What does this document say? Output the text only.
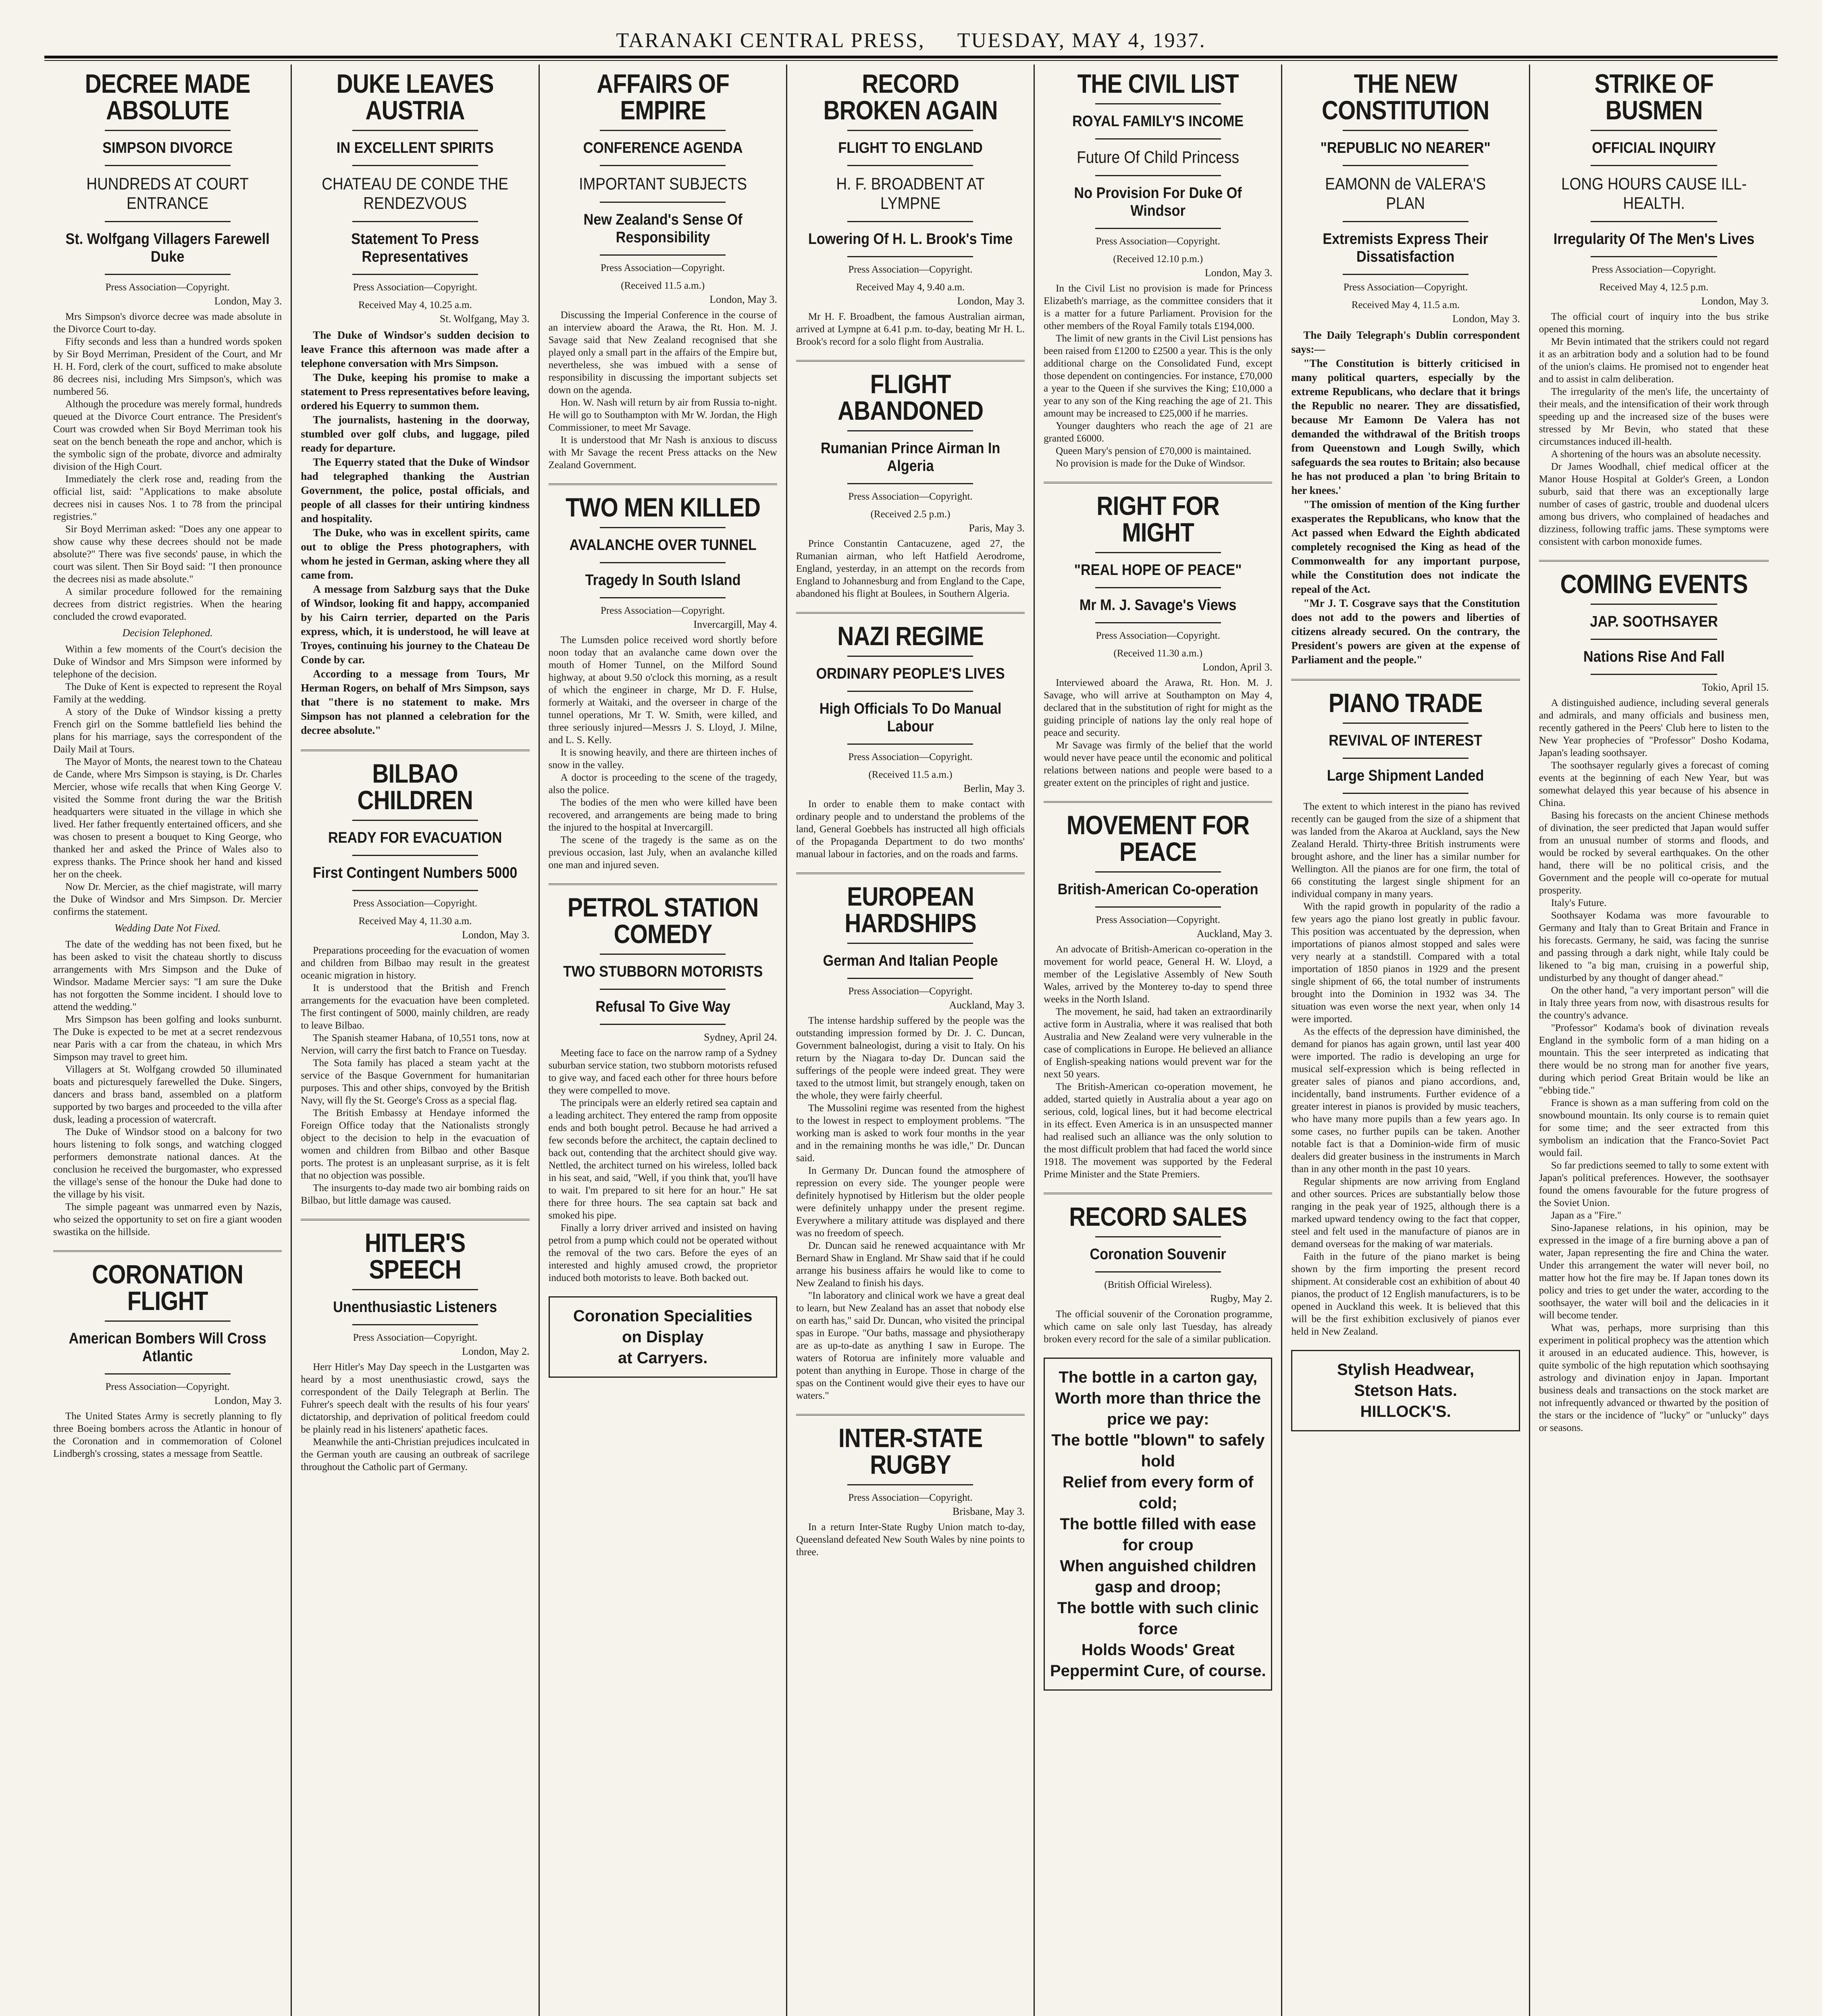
TARANAKI CENTRAL PRESS, TUESDAY, MAY 4, 1937.
DECREE MADE ABSOLUTE
SIMPSON DIVORCE
HUNDREDS AT COURT ENTRANCE
St. Wolfgang Villagers Farewell Duke
Press Association—Copyright.
London, May 3.

Mrs Simpson's divorce decree was made absolute in the Divorce Court to-day.

Fifty seconds and less than a hundred words spoken by Sir Boyd Merriman, President of the Court, and Mr H. H. Ford, clerk of the court, sufficed to make absolute 86 decrees nisi, including Mrs Simpson's, which was numbered 56.

Although the procedure was merely formal, hundreds queued at the Divorce Court entrance. The President's Court was crowded when Sir Boyd Merriman took his seat on the bench beneath the rope and anchor, which is the symbolic sign of the probate, divorce and admiralty division of the High Court.

Immediately the clerk rose and, reading from the official list, said: "Applications to make absolute decrees nisi in causes Nos. 1 to 78 from the principal registries."

Sir Boyd Merriman asked: "Does any one appear to show cause why these decrees should not be made absolute?" There was five seconds' pause, in which the court was silent. Then Sir Boyd said: "I then pronounce the decrees nisi as made absolute."

A similar procedure followed for the remaining decrees from district registries. When the hearing concluded the crowd evaporated.

Decision Telephoned.

Within a few moments of the Court's decision the Duke of Windsor and Mrs Simpson were informed by telephone of the decision.

The Duke of Kent is expected to represent the Royal Family at the wedding.

A story of the Duke of Windsor kissing a pretty French girl on the Somme battlefield lies behind the plans for his marriage, says the correspondent of the Daily Mail at Tours.

The Mayor of Monts, the nearest town to the Chateau de Cande, where Mrs Simpson is staying, is Dr. Charles Mercier, whose wife recalls that when King George V. visited the Somme front during the war the British headquarters were situated in the village in which she lived. Her father frequently entertained officers, and she was chosen to present a bouquet to King George, who thanked her and asked the Prince of Wales also to express thanks. The Prince shook her hand and kissed her on the cheek.

Now Dr. Mercier, as the chief magistrate, will marry the Duke of Windsor and Mrs Simpson. Dr. Mercier confirms the statement.

Wedding Date Not Fixed.

The date of the wedding has not been fixed, but he has been asked to visit the chateau shortly to discuss arrangements with Mrs Simpson and the Duke of Windsor. Madame Mercier says: "I am sure the Duke has not forgotten the Somme incident. I should love to attend the wedding."

Mrs Simpson has been golfing and looks sunburnt. The Duke is expected to be met at a secret rendezvous near Paris with a car from the chateau, in which Mrs Simpson may travel to greet him.

Villagers at St. Wolfgang crowded 50 illuminated boats and picturesquely farewelled the Duke. Singers, dancers and brass band, assembled on a platform supported by two barges and proceeded to the villa after dusk, leading a procession of watercraft.

The Duke of Windsor stood on a balcony for two hours listening to folk songs, and watching clogged performers demonstrate national dances. At the conclusion he received the burgomaster, who expressed the village's sense of the honour the Duke had done to the village by his visit.

The simple pageant was unmarred even by Nazis, who seized the opportunity to set on fire a giant wooden swastika on the hillside.

CORONATION FLIGHT
American Bombers Will Cross Atlantic
Press Association—Copyright.
London, May 3.

The United States Army is secretly planning to fly three Boeing bombers across the Atlantic in honour of the Coronation and in commemoration of Colonel Lindbergh's crossing, states a message from Seattle.

DUKE LEAVES AUSTRIA
IN EXCELLENT SPIRITS
CHATEAU DE CONDE THE RENDEZVOUS
Statement To Press Representatives
Press Association—Copyright.
Received May 4, 10.25 a.m.
St. Wolfgang, May 3.

The Duke of Windsor's sudden decision to leave France this afternoon was made after a telephone conversation with Mrs Simpson.

The Duke, keeping his promise to make a statement to Press representatives before leaving, ordered his Equerry to summon them.

The journalists, hastening in the doorway, stumbled over golf clubs, and luggage, piled ready for departure.

The Equerry stated that the Duke of Windsor had telegraphed thanking the Austrian Government, the police, postal officials, and people of all classes for their untiring kindness and hospitality.

The Duke, who was in excellent spirits, came out to oblige the Press photographers, with whom he jested in German, asking where they all came from.

A message from Salzburg says that the Duke of Windsor, looking fit and happy, accompanied by his Cairn terrier, departed on the Paris express, which, it is understood, he will leave at Troyes, continuing his journey to the Chateau De Conde by car.

According to a message from Tours, Mr Herman Rogers, on behalf of Mrs Simpson, says that "there is no statement to make. Mrs Simpson has not planned a celebration for the decree absolute."

BILBAO CHILDREN
READY FOR EVACUATION
First Contingent Numbers 5000
Press Association—Copyright.
Received May 4, 11.30 a.m.
London, May 3.

Preparations proceeding for the evacuation of women and children from Bilbao may result in the greatest oceanic migration in history.

It is understood that the British and French arrangements for the evacuation have been completed. The first contingent of 5000, mainly children, are ready to leave Bilbao.

The Spanish steamer Habana, of 10,551 tons, now at Nervion, will carry the first batch to France on Tuesday.

The Sota family has placed a steam yacht at the service of the Basque Government for humanitarian purposes. This and other ships, convoyed by the British Navy, will fly the St. George's Cross as a special flag.

The British Embassy at Hendaye informed the Foreign Office today that the Nationalists strongly object to the decision to help in the evacuation of women and children from Bilbao and other Basque ports. The protest is an unpleasant surprise, as it is felt that no objection was possible.

The insurgents to-day made two air bombing raids on Bilbao, but little damage was caused.

HITLER'S SPEECH
Unenthusiastic Listeners
Press Association—Copyright.
London, May 2.

Herr Hitler's May Day speech in the Lustgarten was heard by a most unenthusiastic crowd, says the correspondent of the Daily Telegraph at Berlin. The Fuhrer's speech dealt with the results of his four years' dictatorship, and deprivation of political freedom could be plainly read in his listeners' apathetic faces.

Meanwhile the anti-Christian prejudices inculcated in the German youth are causing an outbreak of sacrilege throughout the Catholic part of Germany.

AFFAIRS OF EMPIRE
CONFERENCE AGENDA
IMPORTANT SUBJECTS
New Zealand's Sense Of Responsibility
Press Association—Copyright.
(Received 11.5 a.m.)
London, May 3.

Discussing the Imperial Conference in the course of an interview aboard the Arawa, the Rt. Hon. M. J. Savage said that New Zealand recognised that she played only a small part in the affairs of the Empire but, nevertheless, she was imbued with a sense of responsibility in discussing the important subjects set down on the agenda.

Hon. W. Nash will return by air from Russia to-night. He will go to Southampton with Mr W. Jordan, the High Commissioner, to meet Mr Savage.

It is understood that Mr Nash is anxious to discuss with Mr Savage the recent Press attacks on the New Zealand Government.

TWO MEN KILLED
AVALANCHE OVER TUNNEL
Tragedy In South Island
Press Association—Copyright.
Invercargill, May 4.

The Lumsden police received word shortly before noon today that an avalanche came down over the mouth of Homer Tunnel, on the Milford Sound highway, at about 9.50 o'clock this morning, as a result of which the engineer in charge, Mr D. F. Hulse, formerly at Waitaki, and the overseer in charge of the tunnel operations, Mr T. W. Smith, were killed, and three seriously injured—Messrs J. S. Lloyd, J. Milne, and L. S. Kelly.

It is snowing heavily, and there are thirteen inches of snow in the valley.

A doctor is proceeding to the scene of the tragedy, also the police.

The bodies of the men who were killed have been recovered, and arrangements are being made to bring the injured to the hospital at Invercargill.

The scene of the tragedy is the same as on the previous occasion, last July, when an avalanche killed one man and injured seven.

PETROL STATION COMEDY
TWO STUBBORN MOTORISTS
Refusal To Give Way
Sydney, April 24.

Meeting face to face on the narrow ramp of a Sydney suburban service station, two stubborn motorists refused to give way, and faced each other for three hours before they were compelled to move.

The principals were an elderly retired sea captain and a leading architect. They entered the ramp from opposite ends and both bought petrol. Because he had arrived a few seconds before the architect, the captain declined to back out, contending that the architect should give way. Nettled, the architect turned on his wireless, lolled back in his seat, and said, "Well, if you think that, you'll have to wait. I'm prepared to sit here for an hour." He sat there for three hours. The sea captain sat back and smoked his pipe.

Finally a lorry driver arrived and insisted on having petrol from a pump which could not be operated without the removal of the two cars. Before the eyes of an interested and highly amused crowd, the proprietor induced both motorists to leave. Both backed out.

Coronation Specialities
on Display
at Carryers.
RECORD BROKEN AGAIN
FLIGHT TO ENGLAND
H. F. BROADBENT AT LYMPNE
Lowering Of H. L. Brook's Time
Press Association—Copyright.
Received May 4, 9.40 a.m.
London, May 3.

Mr H. F. Broadbent, the famous Australian airman, arrived at Lympne at 6.41 p.m. to-day, beating Mr H. L. Brook's record for a solo flight from Australia.

FLIGHT ABANDONED
Rumanian Prince Airman In Algeria
Press Association—Copyright.
(Received 2.5 p.m.)
Paris, May 3.

Prince Constantin Cantacuzene, aged 27, the Rumanian airman, who left Hatfield Aerodrome, England, yesterday, in an attempt on the records from England to Johannesburg and from England to the Cape, abandoned his flight at Boulees, in Southern Algeria.

NAZI REGIME
ORDINARY PEOPLE'S LIVES
High Officials To Do Manual Labour
Press Association—Copyright.
(Received 11.5 a.m.)
Berlin, May 3.

In order to enable them to make contact with ordinary people and to understand the problems of the land, General Goebbels has instructed all high officials of the Propaganda Department to do two months' manual labour in factories, and on the roads and farms.

EUROPEAN HARDSHIPS
German And Italian People
Press Association—Copyright.
Auckland, May 3.

The intense hardship suffered by the people was the outstanding impression formed by Dr. J. C. Duncan, Government balneologist, during a visit to Italy. On his return by the Niagara to-day Dr. Duncan said the sufferings of the people were indeed great. They were taxed to the utmost limit, but strangely enough, taken on the whole, they were fairly cheerful.

The Mussolini regime was resented from the highest to the lowest in respect to employment problems. "The working man is asked to work four months in the year and in the remaining months he was idle," Dr. Duncan said.

In Germany Dr. Duncan found the atmosphere of repression on every side. The younger people were definitely hypnotised by Hitlerism but the older people were definitely unhappy under the present regime. Everywhere a military attitude was displayed and there was no freedom of speech.

Dr. Duncan said he renewed acquaintance with Mr Bernard Shaw in England. Mr Shaw said that if he could arrange his business affairs he would like to come to New Zealand to finish his days.

"In laboratory and clinical work we have a great deal to learn, but New Zealand has an asset that nobody else on earth has," said Dr. Duncan, who visited the principal spas in Europe. "Our baths, massage and physiotherapy are as up-to-date as anything I saw in Europe. The waters of Rotorua are infinitely more valuable and potent than anything in Europe. Those in charge of the spas on the Continent would give their eyes to have our waters."

INTER-STATE RUGBY
Press Association—Copyright.
Brisbane, May 3.

In a return Inter-State Rugby Union match to-day, Queensland defeated New South Wales by nine points to three.

THE CIVIL LIST
ROYAL FAMILY'S INCOME
Future Of Child Princess
No Provision For Duke Of Windsor
Press Association—Copyright.
(Received 12.10 p.m.)
London, May 3.

In the Civil List no provision is made for Princess Elizabeth's marriage, as the committee considers that it is a matter for a future Parliament. Provision for the other members of the Royal Family totals £194,000.

The limit of new grants in the Civil List pensions has been raised from £1200 to £2500 a year. This is the only additional charge on the Consolidated Fund, except those dependent on contingencies. For instance, £70,000 a year to the Queen if she survives the King; £10,000 a year to any son of the King reaching the age of 21. This amount may be increased to £25,000 if he marries.

Younger daughters who reach the age of 21 are granted £6000.

Queen Mary's pension of £70,000 is maintained.

No provision is made for the Duke of Windsor.

RIGHT FOR MIGHT
"REAL HOPE OF PEACE"
Mr M. J. Savage's Views
Press Association—Copyright.
(Received 11.30 a.m.)
London, April 3.

Interviewed aboard the Arawa, Rt. Hon. M. J. Savage, who will arrive at Southampton on May 4, declared that in the substitution of right for might as the guiding principle of nations lay the only real hope of peace and security.

Mr Savage was firmly of the belief that the world would never have peace until the economic and political relations between nations and people were based to a greater extent on the principles of right and justice.

MOVEMENT FOR PEACE
British-American Co-operation
Press Association—Copyright.
Auckland, May 3.

An advocate of British-American co-operation in the movement for world peace, General H. W. Lloyd, a member of the Legislative Assembly of New South Wales, arrived by the Monterey to-day to spend three weeks in the North Island.

The movement, he said, had taken an extraordinarily active form in Australia, where it was realised that both Australia and New Zealand were very vulnerable in the case of complications in Europe. He believed an alliance of English-speaking nations would prevent war for the next 50 years.

The British-American co-operation movement, he added, started quietly in Australia about a year ago on serious, cold, logical lines, but it had become electrical in its effect. Even America is in an unsuspected manner had realised such an alliance was the only solution to the most difficult problem that had faced the world since 1918. The movement was supported by the Federal Prime Minister and the State Premiers.

RECORD SALES
Coronation Souvenir
(British Official Wireless).
Rugby, May 2.

The official souvenir of the Coronation programme, which came on sale only last Tuesday, has already broken every record for the sale of a similar publication.

The bottle in a carton gay,
Worth more than thrice the price we pay:
The bottle "blown" to safely hold
Relief from every form of cold;
The bottle filled with ease for croup
When anguished children gasp and droop;
The bottle with such clinic force
Holds Woods' Great Peppermint Cure, of course.
THE NEW CONSTITUTION
"REPUBLIC NO NEARER"
EAMONN de VALERA'S PLAN
Extremists Express Their Dissatisfaction
Press Association—Copyright.
Received May 4, 11.5 a.m.
London, May 3.

The Daily Telegraph's Dublin correspondent says:—

"The Constitution is bitterly criticised in many political quarters, especially by the extreme Republicans, who declare that it brings the Republic no nearer. They are dissatisfied, because Mr Eamonn De Valera has not demanded the withdrawal of the British troops from Queenstown and Lough Swilly, which safeguards the sea routes to Britain; also because he has not produced a plan 'to bring Britain to her knees.'

"The omission of mention of the King further exasperates the Republicans, who know that the Act passed when Edward the Eighth abdicated completely recognised the King as head of the Commonwealth for any important purpose, while the Constitution does not indicate the repeal of the Act.

"Mr J. T. Cosgrave says that the Constitution does not add to the powers and liberties of citizens already secured. On the contrary, the President's powers are given at the expense of Parliament and the people."

PIANO TRADE
REVIVAL OF INTEREST
Large Shipment Landed

The extent to which interest in the piano has revived recently can be gauged from the size of a shipment that was landed from the Akaroa at Auckland, says the New Zealand Herald. Thirty-three British instruments were brought ashore, and the liner has a similar number for Wellington. All the pianos are for one firm, the total of 66 constituting the largest single shipment for an individual company in many years.

With the rapid growth in popularity of the radio a few years ago the piano lost greatly in public favour. This position was accentuated by the depression, when importations of pianos almost stopped and sales were very nearly at a standstill. Compared with a total importation of 1850 pianos in 1929 and the present single shipment of 66, the total number of instruments brought into the Dominion in 1932 was 34. The situation was even worse the next year, when only 14 were imported.

As the effects of the depression have diminished, the demand for pianos has again grown, until last year 400 were imported. The radio is developing an urge for musical self-expression which is being reflected in greater sales of pianos and piano accordions, and, incidentally, band instruments. Further evidence of a greater interest in pianos is provided by music teachers, who have many more pupils than a few years ago. In some cases, no further pupils can be taken. Another notable fact is that a Dominion-wide firm of music dealers did greater business in the instruments in March than in any other month in the past 10 years.

Regular shipments are now arriving from England and other sources. Prices are substantially below those ranging in the peak year of 1925, although there is a marked upward tendency owing to the fact that copper, steel and felt used in the manufacture of pianos are in demand overseas for the making of war materials.

Faith in the future of the piano market is being shown by the firm importing the present record shipment. At considerable cost an exhibition of about 40 pianos, the product of 12 English manufacturers, is to be opened in Auckland this week. It is believed that this will be the first exhibition exclusively of pianos ever held in New Zealand.

Stylish Headwear,
Stetson Hats.
HILLOCK'S.
STRIKE OF BUSMEN
OFFICIAL INQUIRY
LONG HOURS CAUSE ILL-HEALTH.
Irregularity Of The Men's Lives
Press Association—Copyright.
Received May 4, 12.5 p.m.
London, May 3.

The official court of inquiry into the bus strike opened this morning.

Mr Bevin intimated that the strikers could not regard it as an arbitration body and a solution had to be found of the union's claims. He promised not to engender heat and to assist in calm deliberation.

The irregularity of the men's life, the uncertainty of their meals, and the intensification of their work through speeding up and the increased size of the buses were stressed by Mr Bevin, who stated that these circumstances induced ill-health.

A shortening of the hours was an absolute necessity.

Dr James Woodhall, chief medical officer at the Manor House Hospital at Golder's Green, a London suburb, said that there was an exceptionally large number of cases of gastric, trouble and duodenal ulcers among bus drivers, who complained of headaches and dizziness, following traffic jams. These symptoms were consistent with carbon monoxide fumes.

COMING EVENTS
JAP. SOOTHSAYER
Nations Rise And Fall
Tokio, April 15.

A distinguished audience, including several generals and admirals, and many officials and business men, recently gathered in the Peers' Club here to listen to the New Year prophecies of "Professor" Dosho Kodama, Japan's leading soothsayer.

The soothsayer regularly gives a forecast of coming events at the beginning of each New Year, but was somewhat delayed this year because of his absence in China.

Basing his forecasts on the ancient Chinese methods of divination, the seer predicted that Japan would suffer from an unusual number of storms and floods, and would be rocked by several earthquakes. On the other hand, there will be no political crisis, and the Government and the people will co-operate for mutual prosperity.

Italy's Future.

Soothsayer Kodama was more favourable to Germany and Italy than to Great Britain and France in his forecasts. Germany, he said, was facing the sunrise and passing through a dark night, while Italy could be likened to "a big man, cruising in a powerful ship, undisturbed by any thought of danger ahead."

On the other hand, "a very important person" will die in Italy three years from now, with disastrous results for the country's advance.

"Professor" Kodama's book of divination reveals England in the symbolic form of a man hiding on a mountain. This the seer interpreted as indicating that there would be no strong man for another five years, during which period Great Britain would be like an "ebbing tide."

France is shown as a man suffering from cold on the snowbound mountain. Its only course is to remain quiet for some time; and the seer extracted from this symbolism an indication that the Franco-Soviet Pact would fail.

So far predictions seemed to tally to some extent with Japan's political preferences. However, the soothsayer found the omens favourable for the future progress of the Soviet Union.

Japan as a "Fire."

Sino-Japanese relations, in his opinion, may be expressed in the image of a fire burning above a pan of water, Japan representing the fire and China the water. Under this arrangement the water will never boil, no matter how hot the fire may be. If Japan tones down its policy and tries to get under the water, according to the soothsayer, the water will boil and the delicacies in it will become tender.

What was, perhaps, more surprising than this experiment in political prophecy was the attention which it aroused in an educated audience. This, however, is quite symbolic of the high reputation which soothsaying astrology and divination enjoy in Japan. Important business deals and transactions on the stock market are not infrequently advanced or thwarted by the position of the stars or the incidence of "lucky" or "unlucky" days or seasons.
